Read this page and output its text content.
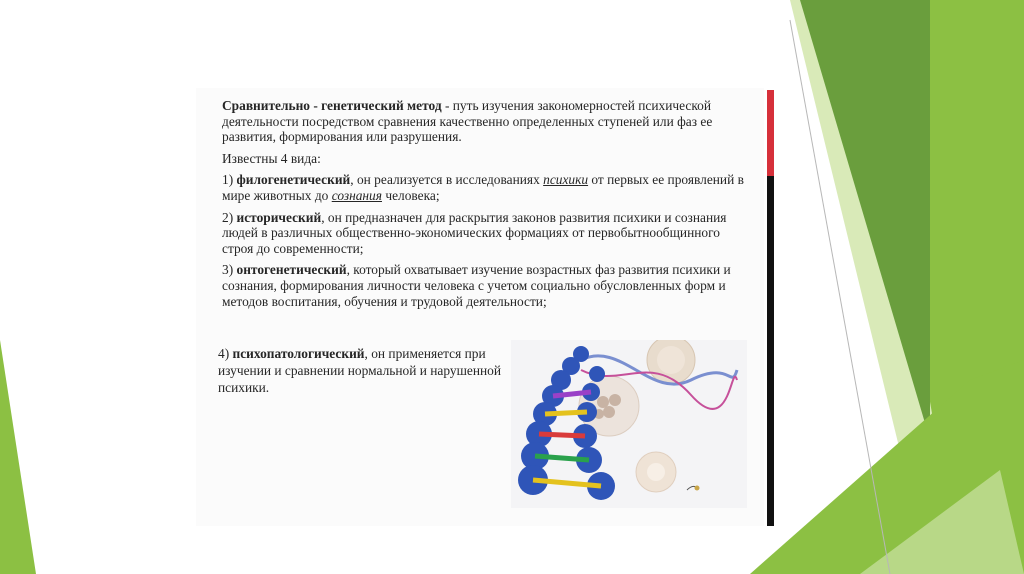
Сравнительно - генетический метод - путь изучения закономерностей психической деятельности посредством сравнения качественно определенных ступеней или фаз ее развития, формирования или разрушения.

Известны 4 вида:

1) филогенетический, он реализуется в исследованиях психики от первых ее проявлений в мире животных до сознания человека;

2) исторический, он предназначен для раскрытия законов развития психики и сознания людей в различных общественно-экономических формациях от первобытнообщинного строя до современности;

3) онтогенетический, который охватывает изучение возрастных фаз развития психики и сознания, формирования личности человека с учетом социально обусловленных форм и методов воспитания, обучения и трудовой деятельности;

4) психопатологический, он применяется при изучении и сравнении нормальной и нарушенной психики.
